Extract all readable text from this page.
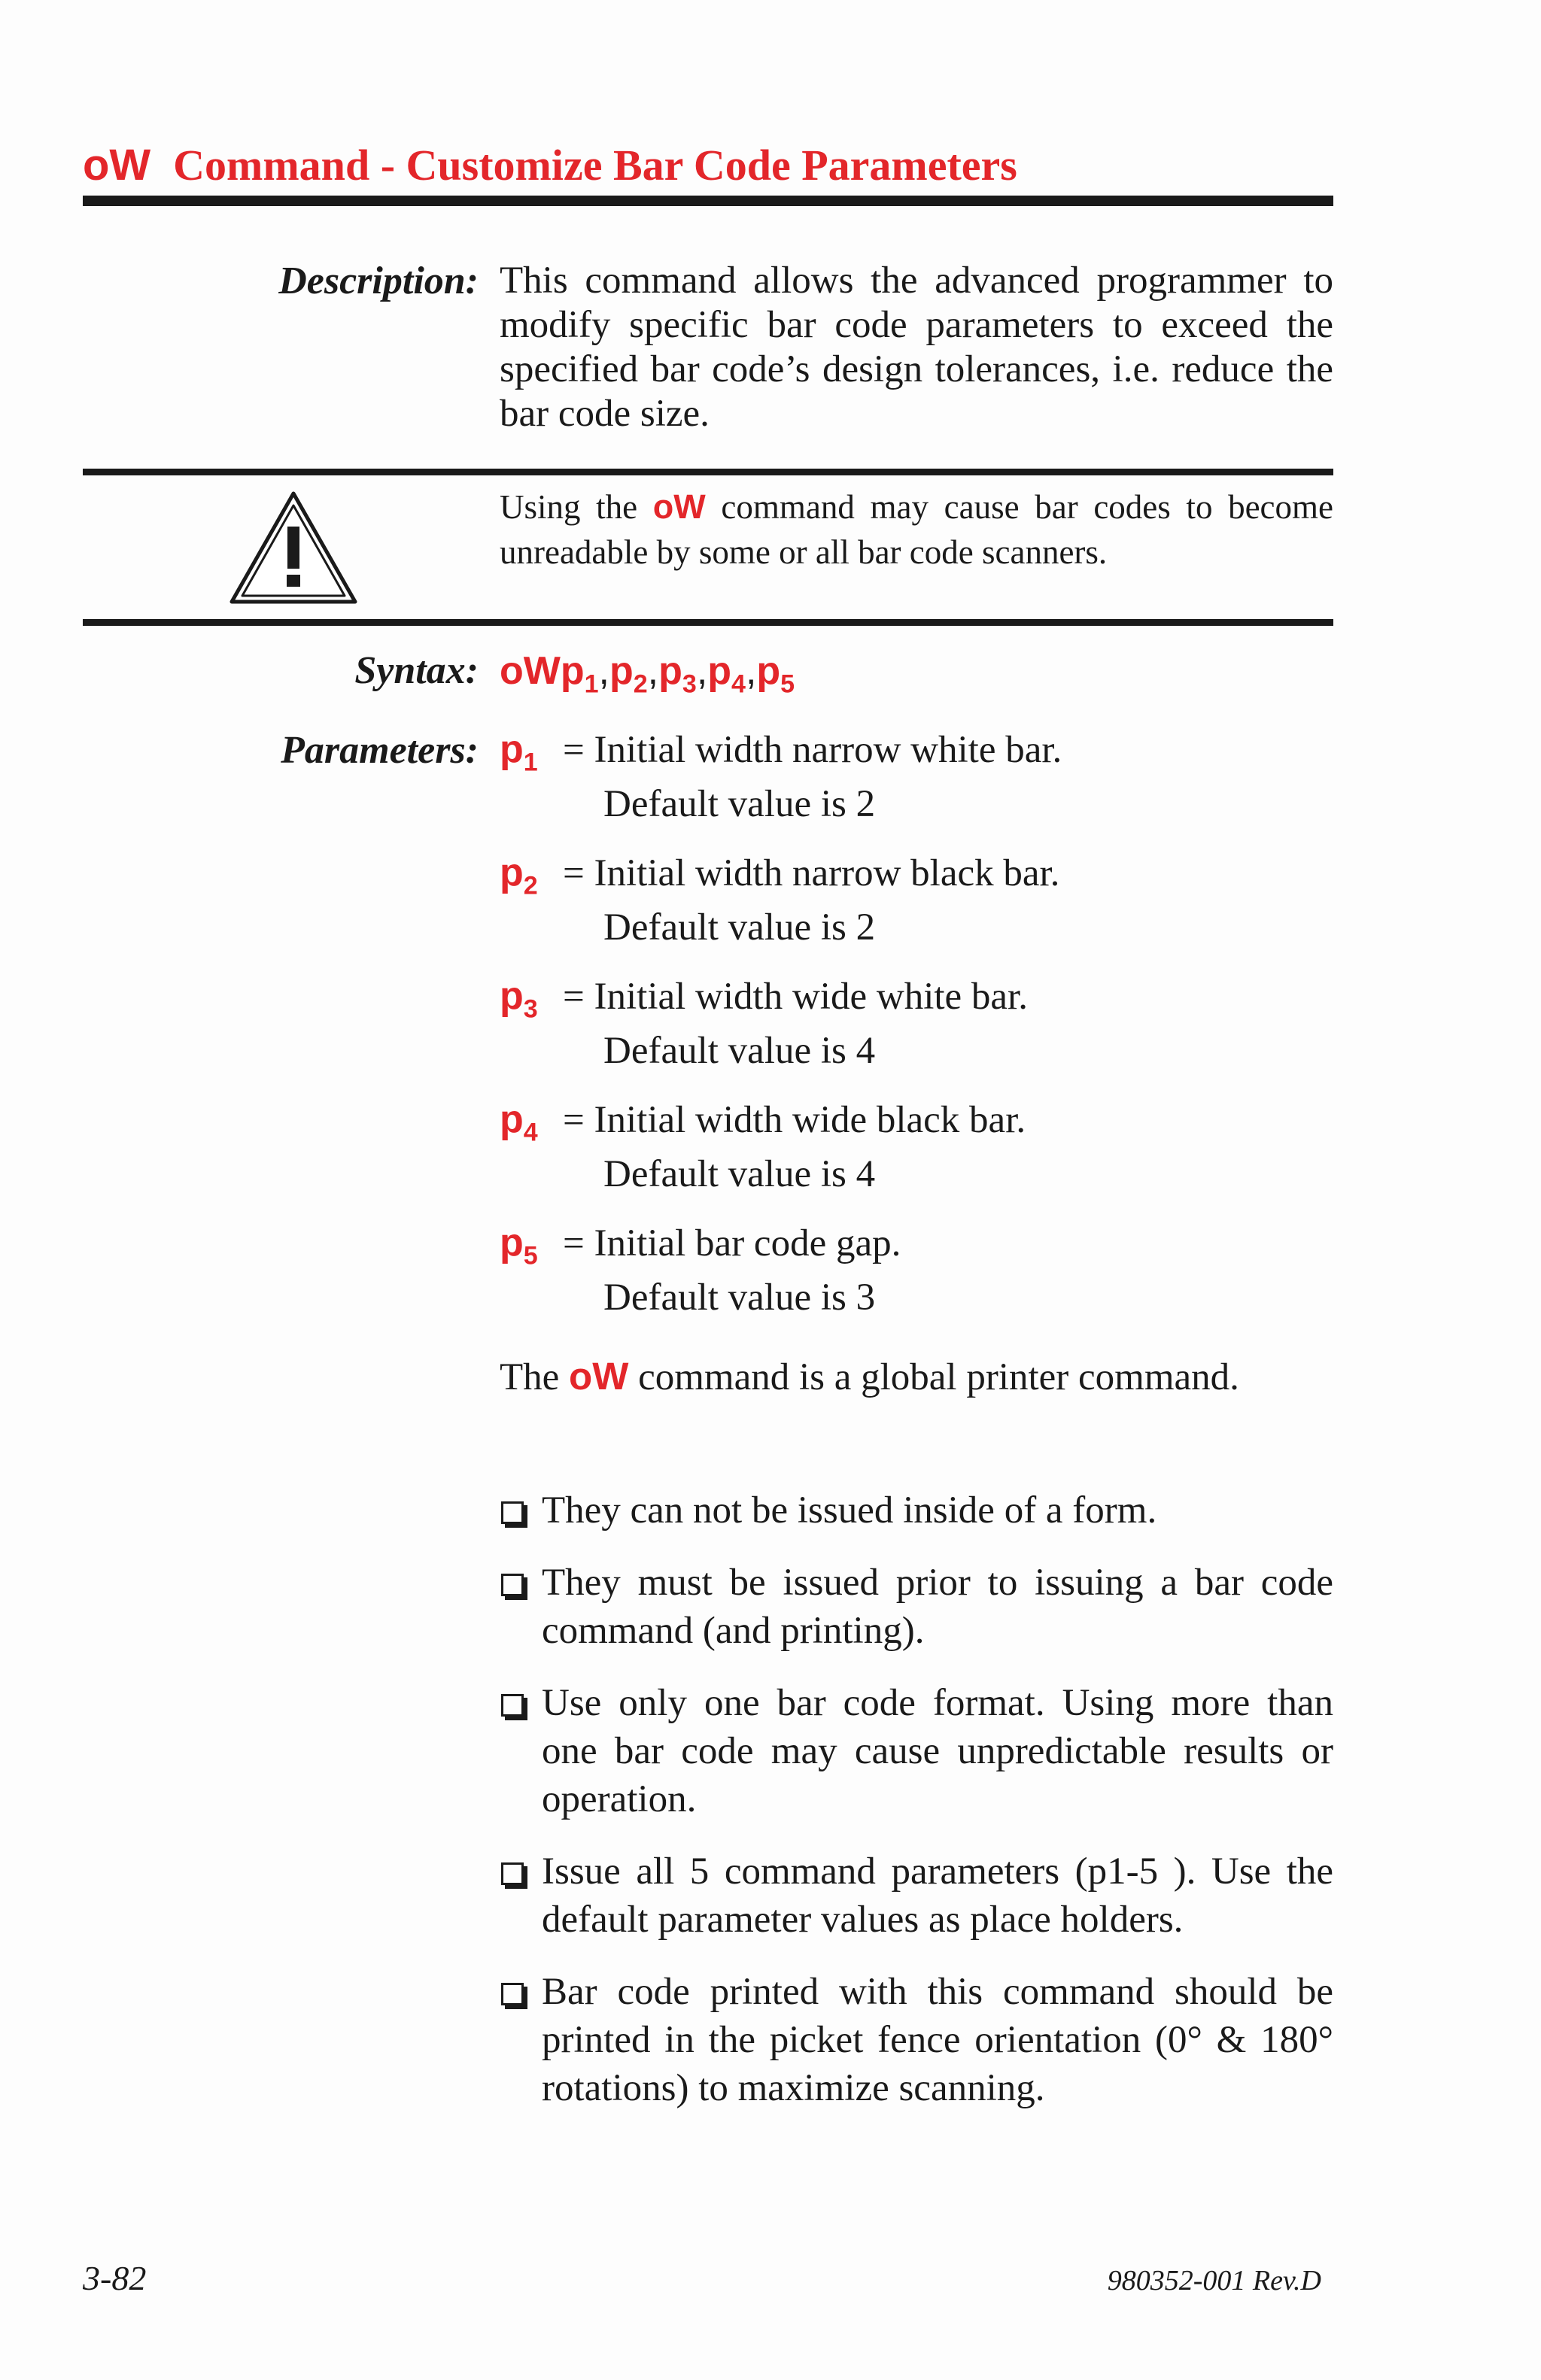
oW Command - Customize Bar Code Parameters
Description: This command allows the advanced programmer to modify specific bar code parameters to exceed the specified bar code’s design tolerances, i.e. reduce the bar code size.
Using the oW command may cause bar codes to become unreadable by some or all bar code scanners.
Syntax: $oWp_1,p_2,p_3,p_4,p_5$
Parameters: $p_1$ = Initial width narrow white bar.
Default value is 2
$p_2$ = Initial width narrow black bar.
Default value is 2
$p_3$ = Initial width wide white bar.
Default value is 4
$p_4$ = Initial width wide black bar.
Default value is 4
$p_5$ = Initial bar code gap.
Default value is 3
The oW command is a global printer command.
They can not be issued inside of a form.
They must be issued prior to issuing a bar code command (and printing).
Use only one bar code format. Using more than one bar code may cause unpredictable results or operation.
Issue all 5 command parameters (p1-5 ). Use the default parameter values as place holders.
Bar code printed with this command should be printed in the picket fence orientation (0° & 180° rotations) to maximize scanning.
3-82	980352-001 Rev.D
